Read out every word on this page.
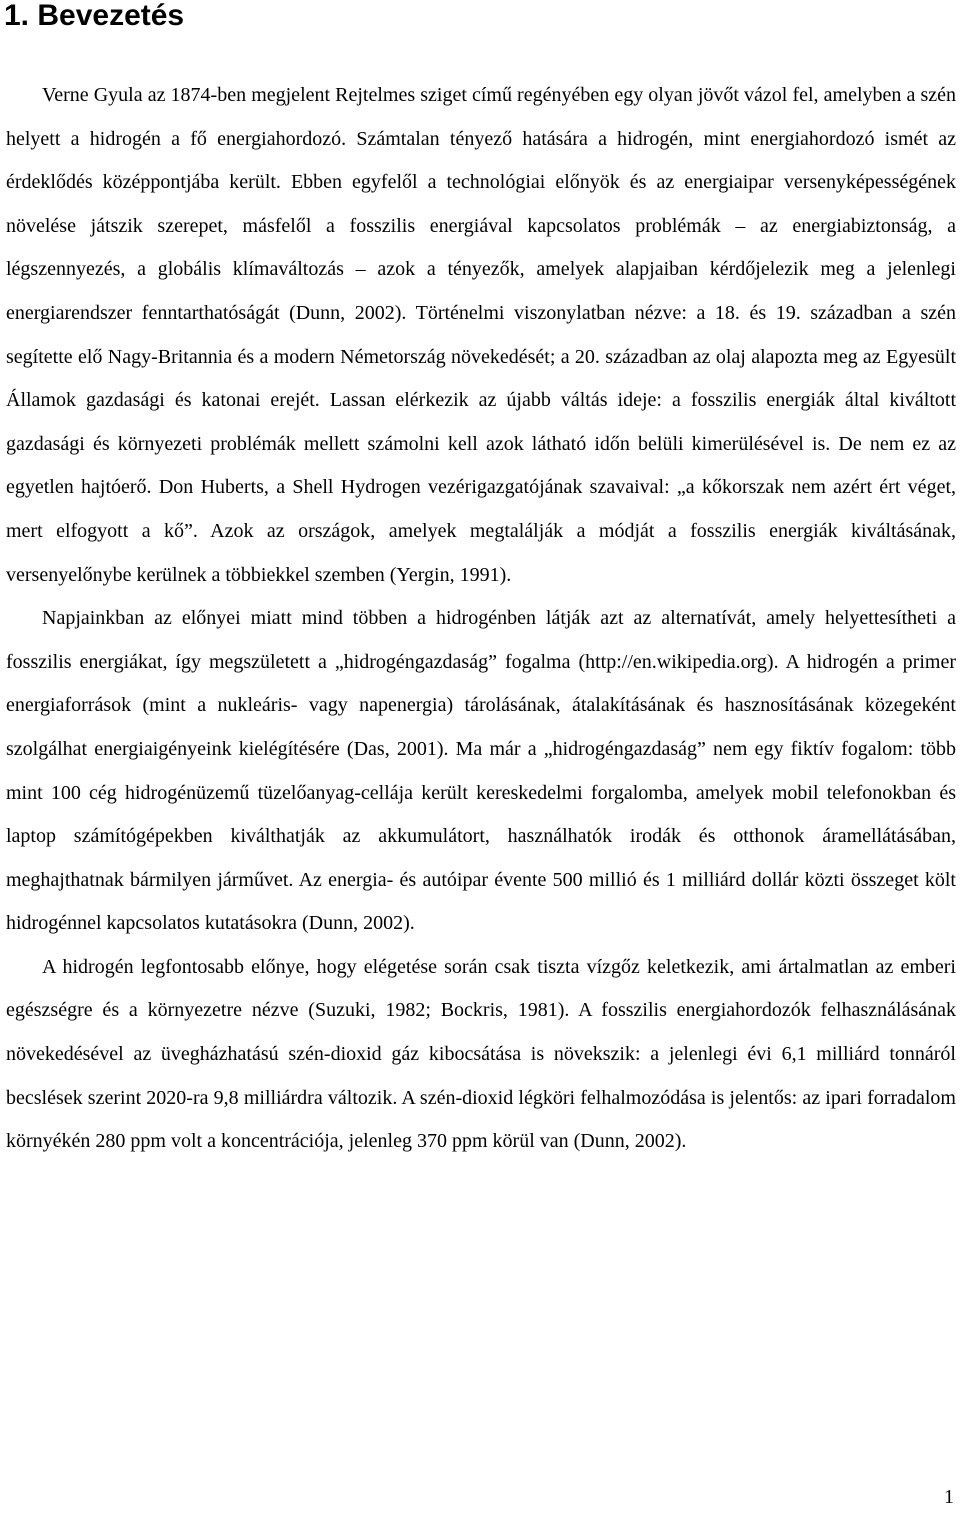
1. Bevezetés

Verne Gyula az 1874-ben megjelent Rejtelmes sziget című regényében egy olyan jövőt vázol fel, amelyben a szén helyett a hidrogén a fő energiahordozó. Számtalan tényező hatására a hidrogén, mint energiahordozó ismét az érdeklődés középpontjába került. Ebben egyfelől a technológiai előnyök és az energiaipar versenyképességének növelése játszik szerepet, másfelől a fosszilis energiával kapcsolatos problémák – az energiabiztonság, a légszennyezés, a globális klímaváltozás – azok a tényezők, amelyek alapjaiban kérdőjelezik meg a jelenlegi energiarendszer fenntarthatóságát (Dunn, 2002). Történelmi viszonylatban nézve: a 18. és 19. században a szén segítette elő Nagy-Britannia és a modern Németország növekedését; a 20. században az olaj alapozta meg az Egyesült Államok gazdasági és katonai erejét. Lassan elérkezik az újabb váltás ideje: a fosszilis energiák által kiváltott gazdasági és környezeti problémák mellett számolni kell azok látható időn belüli kimerülésével is. De nem ez az egyetlen hajtóerő. Don Huberts, a Shell Hydrogen vezérigazgatójának szavaival: „a kőkorszak nem azért ért véget, mert elfogyott a kő”. Azok az országok, amelyek megtalálják a módját a fosszilis energiák kiváltásának, versenyelőnybe kerülnek a többiekkel szemben (Yergin, 1991).

Napjainkban az előnyei miatt mind többen a hidrogénben látják azt az alternatívát, amely helyettesítheti a fosszilis energiákat, így megszületett a „hidrogéngazdaság” fogalma (http://en.wikipedia.org). A hidrogén a primer energiaforrások (mint a nukleáris- vagy napenergia) tárolásának, átalakításának és hasznosításának közegeként szolgálhat energiaigényeink kielégítésére (Das, 2001). Ma már a „hidrogéngazdaság” nem egy fiktív fogalom: több mint 100 cég hidrogénüzemű tüzelőanyag-cellája került kereskedelmi forgalomba, amelyek mobil telefonokban és laptop számítógépekben kiválthatják az akkumulátort, használhatók irodák és otthonok áramellátásában, meghajthatnak bármilyen járművet. Az energia- és autóipar évente 500 millió és 1 milliárd dollár közti összeget költ hidrogénnel kapcsolatos kutatásokra (Dunn, 2002).

A hidrogén legfontosabb előnye, hogy elégetése során csak tiszta vízgőz keletkezik, ami ártalmatlan az emberi egészségre és a környezetre nézve (Suzuki, 1982; Bockris, 1981). A fosszilis energiahordozók felhasználásának növekedésével az üvegházhatású szén-dioxid gáz kibocsátása is növekszik: a jelenlegi évi 6,1 milliárd tonnáról becslések szerint 2020-ra 9,8 milliárdra változik. A szén-dioxid légköri felhalmozódása is jelentős: az ipari forradalom környékén 280 ppm volt a koncentrációja, jelenleg 370 ppm körül van (Dunn, 2002).

1
